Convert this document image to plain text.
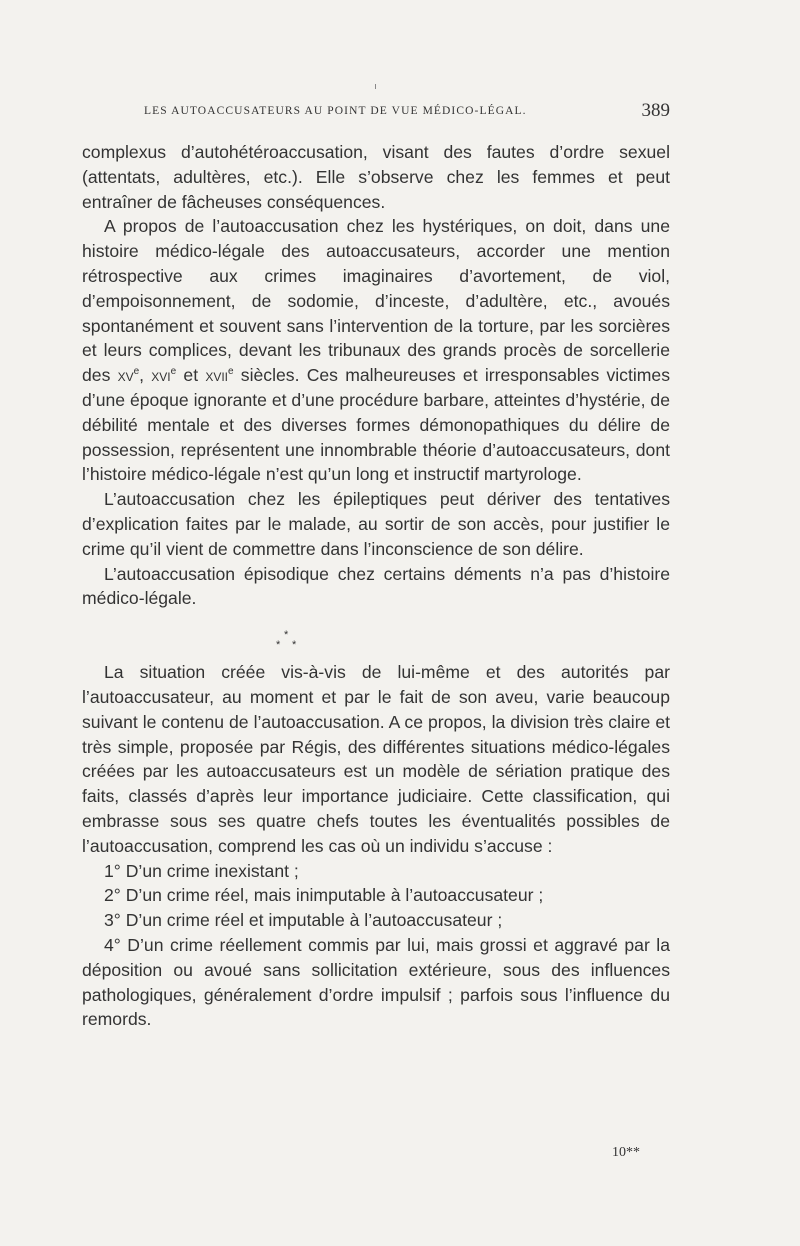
LES AUTOACCUSATEURS AU POINT DE VUE MÉDICO-LÉGAL.	389

complexus d’autohétéroaccusation, visant des fautes d’ordre sexuel (attentats, adultères, etc.). Elle s’observe chez les femmes et peut entraîner de fâcheuses conséquences.

A propos de l’autoaccusation chez les hystériques, on doit, dans une histoire médico-légale des autoaccusateurs, accorder une mention rétrospective aux crimes imaginaires d’avortement, de viol, d’empoisonnement, de sodomie, d’inceste, d’adultère, etc., avoués spontanément et souvent sans l’intervention de la torture, par les sorcières et leurs complices, devant les tribunaux des grands procès de sorcellerie des $xv^e$, xvi$^e$ et xvii$^e$ siècles. Ces malheureuses et irresponsables victimes d’une époque ignorante et d’une procédure barbare, atteintes d’hystérie, de débilité mentale et des diverses formes démonopathiques du délire de possession, représentent une innombrable théorie d’autoaccusateurs, dont l’histoire médico-légale n’est qu’un long et instructif martyrologe.

L’autoaccusation chez les épileptiques peut dériver des tentatives d’explication faites par le malade, au sortir de son accès, pour justifier le crime qu’il vient de commettre dans l’inconscience de son délire.

L’autoaccusation épisodique chez certains déments n’a pas d’histoire médico-légale.

*
* *

La situation créée vis-à-vis de lui-même et des autorités par l’autoaccusateur, au moment et par le fait de son aveu, varie beaucoup suivant le contenu de l’autoaccusation. A ce propos, la division très claire et très simple, proposée par Régis, des différentes situations médico-légales créées par les autoaccusateurs est un modèle de sériation pratique des faits, classés d’après leur importance judiciaire. Cette classification, qui embrasse sous ses quatre chefs toutes les éventualités possibles de l’autoaccusation, comprend les cas où un individu s’accuse :

1° D’un crime inexistant ;

2° D’un crime réel, mais inimputable à l’autoaccusateur ;

3° D’un crime réel et imputable à l’autoaccusateur ;

4° D’un crime réellement commis par lui, mais grossi et aggravé par la déposition ou avoué sans sollicitation extérieure, sous des influences pathologiques, généralement d’ordre impulsif ; parfois sous l’influence du remords.

10**
